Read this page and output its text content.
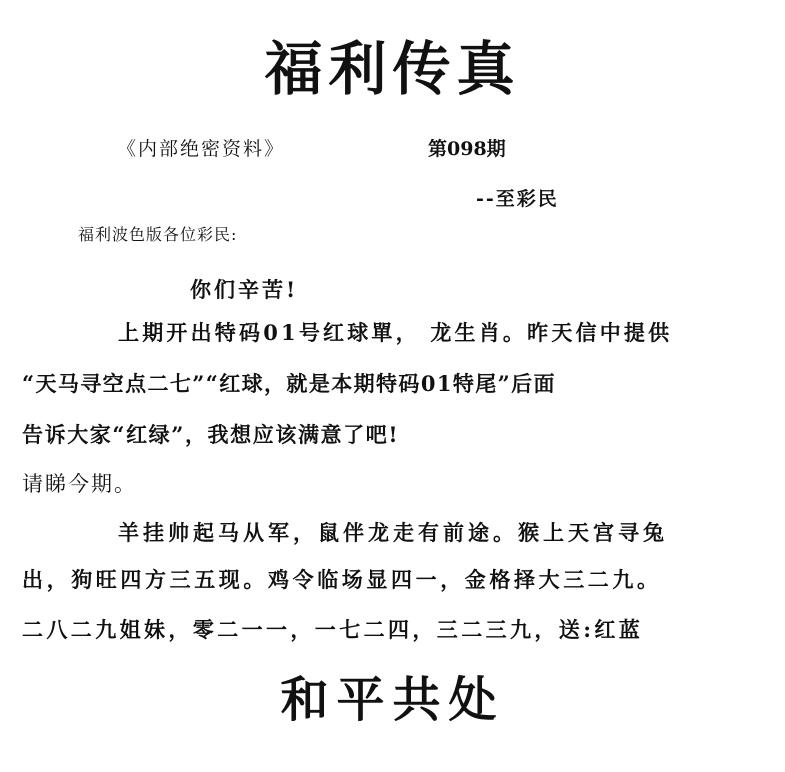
福利传真
《内部绝密资料》	第098期
--至彩民
福利波色版各位彩民:
你们辛苦!
上期开出特码01号红球單， 龙生肖。昨天信中提供
“天马寻空点二七”“红球，就是本期特码01特尾”后面
告诉大家“红绿”，我想应该满意了吧!
请睇今期。
羊挂帅起马从军，鼠伴龙走有前途。猴上天宫寻兔
出，狗旺四方三五现。鸡令临场显四一，金格择大三二九。
二八二九姐妹，零二一一，一七二四，三二三九，送:红蓝
和平共处
